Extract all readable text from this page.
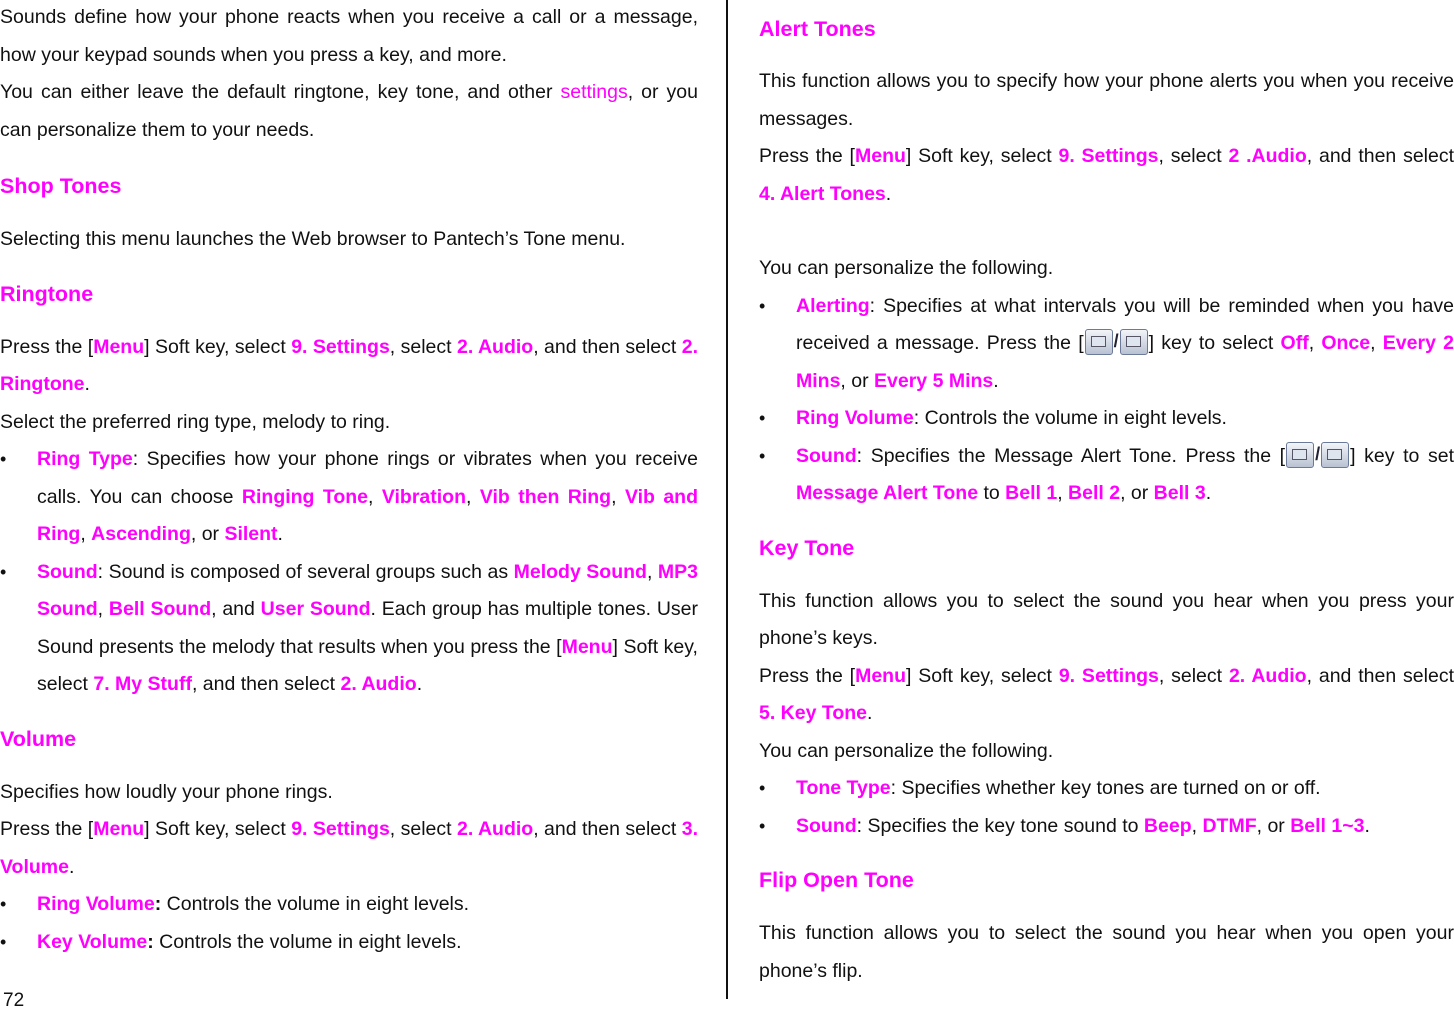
Sounds define how your phone reacts when you receive a call or a message, how your keypad sounds when you press a key, and more.

You can either leave the default ringtone, key tone, and other settings, or you can personalize them to your needs.

Shop Tones

Selecting this menu launches the Web browser to Pantech’s Tone menu.

Ringtone

Press the [Menu] Soft key, select 9. Settings, select 2. Audio, and then select 2. Ringtone.

Select the preferred ring type, melody to ring.

• Ring Type: Specifies how your phone rings or vibrates when you receive calls. You can choose Ringing Tone, Vibration, Vib then Ring, Vib and Ring, Ascending, or Silent.
• Sound: Sound is composed of several groups such as Melody Sound, MP3 Sound, Bell Sound, and User Sound. Each group has multiple tones. User Sound presents the melody that results when you press the [Menu] Soft key, select 7. My Stuff, and then select 2. Audio.
Volume

Specifies how loudly your phone rings.

Press the [Menu] Soft key, select 9. Settings, select 2. Audio, and then select 3. Volume.

• Ring Volume: Controls the volume in eight levels.
• Key Volume: Controls the volume in eight levels.
72
Alert Tones

This function allows you to specify how your phone alerts you when you receive messages.

Press the [Menu] Soft key, select 9. Settings, select 2 .Audio, and then select 4. Alert Tones.

You can personalize the following.

• Alerting: Specifies at what intervals you will be reminded when you have received a message. Press the [ / ] key to select Off, Once, Every 2 Mins, or Every 5 Mins.
• Ring Volume: Controls the volume in eight levels.
• Sound: Specifies the Message Alert Tone. Press the [ / ] key to set Message Alert Tone to Bell 1, Bell 2, or Bell 3.
Key Tone

This function allows you to select the sound you hear when you press your phone’s keys.

Press the [Menu] Soft key, select 9. Settings, select 2. Audio, and then select 5. Key Tone.

You can personalize the following.

• Tone Type: Specifies whether key tones are turned on or off.
• Sound: Specifies the key tone sound to Beep, DTMF, or Bell 1~3.
Flip Open Tone

This function allows you to select the sound you hear when you open your phone’s flip.
